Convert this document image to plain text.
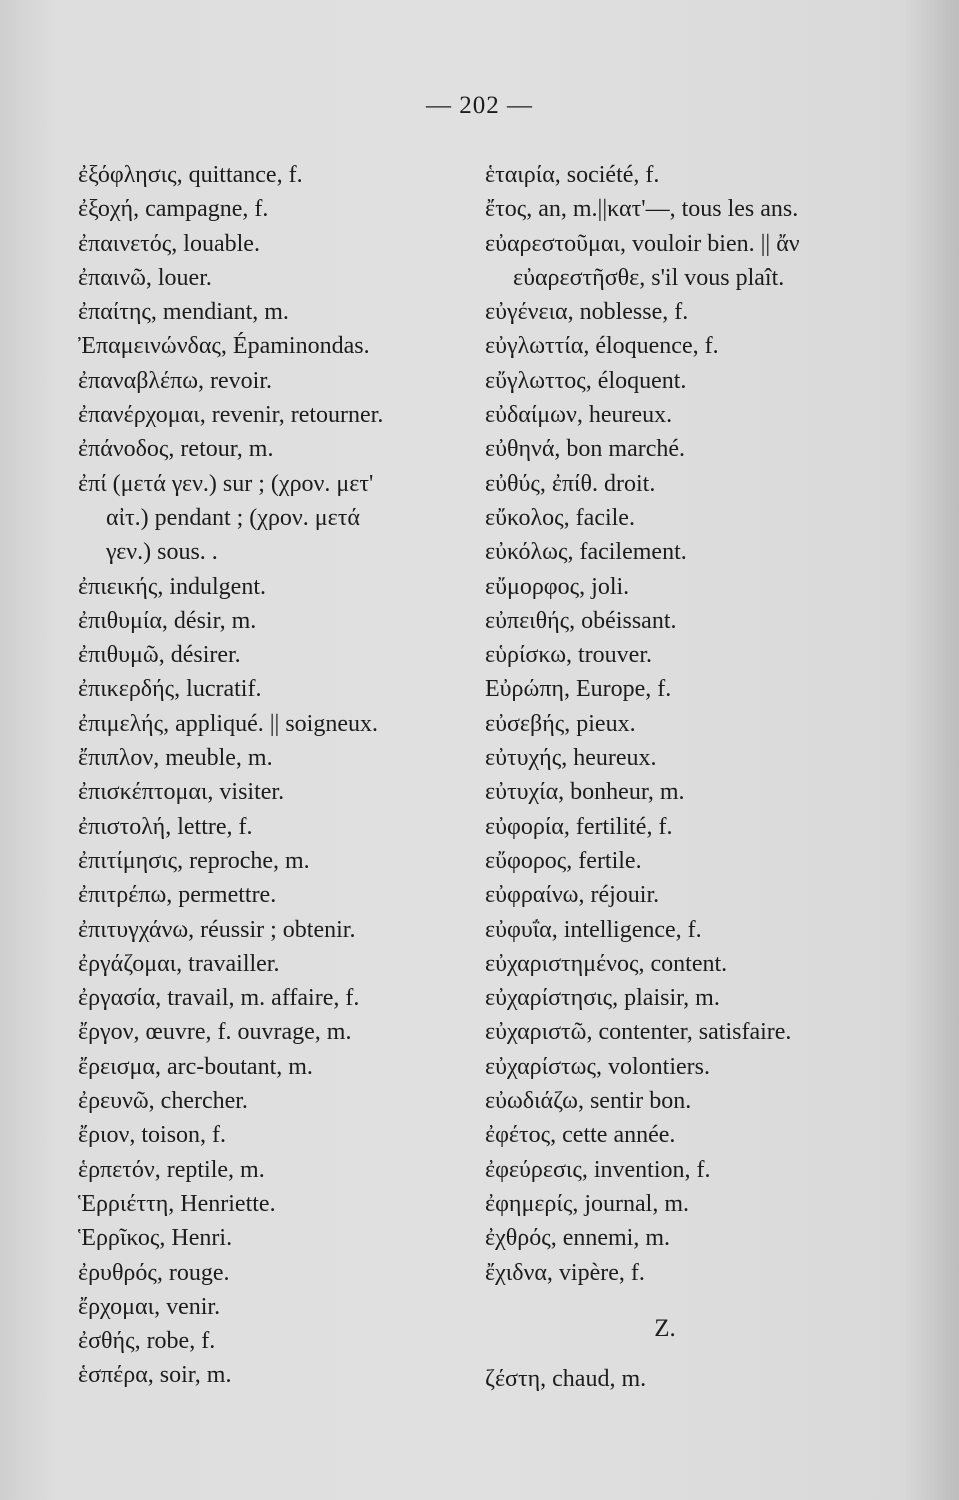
— 202 —
ἐξόφλησις, quittance, f.
ἐξοχή, campagne, f.
ἐπαινετός, louable.
ἐπαινῶ, louer.
ἐπαίτης, mendiant, m.
Ἐπαμεινώνδας, Épaminondas.
ἐπαναβλέπω, revoir.
ἐπανέρχομαι, revenir, retourner.
ἐπάνοδος, retour, m.
ἐπί (μετά γεν.) sur ; (χρον. μετ'
αἰτ.) pendant ; (χρον. μετά
γεν.) sous. .
ἐπιεικής, indulgent.
ἐπιθυμία, désir, m.
ἐπιθυμῶ, désirer.
ἐπικερδής, lucratif.
ἐπιμελής, appliqué. || soigneux.
ἔπιπλον, meuble, m.
ἐπισκέπτομαι, visiter.
ἐπιστολή, lettre, f.
ἐπιτίμησις, reproche, m.
ἐπιτρέπω, permettre.
ἐπιτυγχάνω, réussir ; obtenir.
ἐργάζομαι, travailler.
ἐργασία, travail, m. affaire, f.
ἔργον, œuvre, f. ouvrage, m.
ἔρεισμα, arc-boutant, m.
ἐρευνῶ, chercher.
ἔριον, toison, f.
ἑρπετόν, reptile, m.
Ἑρριέττη, Henriette.
Ἑρρῖκος, Henri.
ἐρυθρός, rouge.
ἔρχομαι, venir.
ἐσθής, robe, f.
ἑσπέρα, soir, m.
ἑταιρία, société, f.
ἔτος, an, m.||κατ'—, tous les ans.
εὐαρεστοῦμαι, vouloir bien. || ἄν
εὐαρεστῆσθε, s'il vous plaît.
εὐγένεια, noblesse, f.
εὐγλωττία, éloquence, f.
εὔγλωττος, éloquent.
εὐδαίμων, heureux.
εὐθηνά, bon marché.
εὐθύς, ἐπίθ. droit.
εὔκολος, facile.
εὐκόλως, facilement.
εὔμορφος, joli.
εὐπειθής, obéissant.
εὑρίσκω, trouver.
Εὐρώπη, Europe, f.
εὐσεβής, pieux.
εὐτυχής, heureux.
εὐτυχία, bonheur, m.
εὐφορία, fertilité, f.
εὔφορος, fertile.
εὐφραίνω, réjouir.
εὐφυΐα, intelligence, f.
εὐχαριστημένος, content.
εὐχαρίστησις, plaisir, m.
εὐχαριστῶ, contenter, satisfaire.
εὐχαρίστως, volontiers.
εὐωδιάζω, sentir bon.
ἐφέτος, cette année.
ἐφεύρεσις, invention, f.
ἐφημερίς, journal, m.
ἐχθρός, ennemi, m.
ἔχιδνα, vipère, f.
Z.
ζέστη, chaud, m.
